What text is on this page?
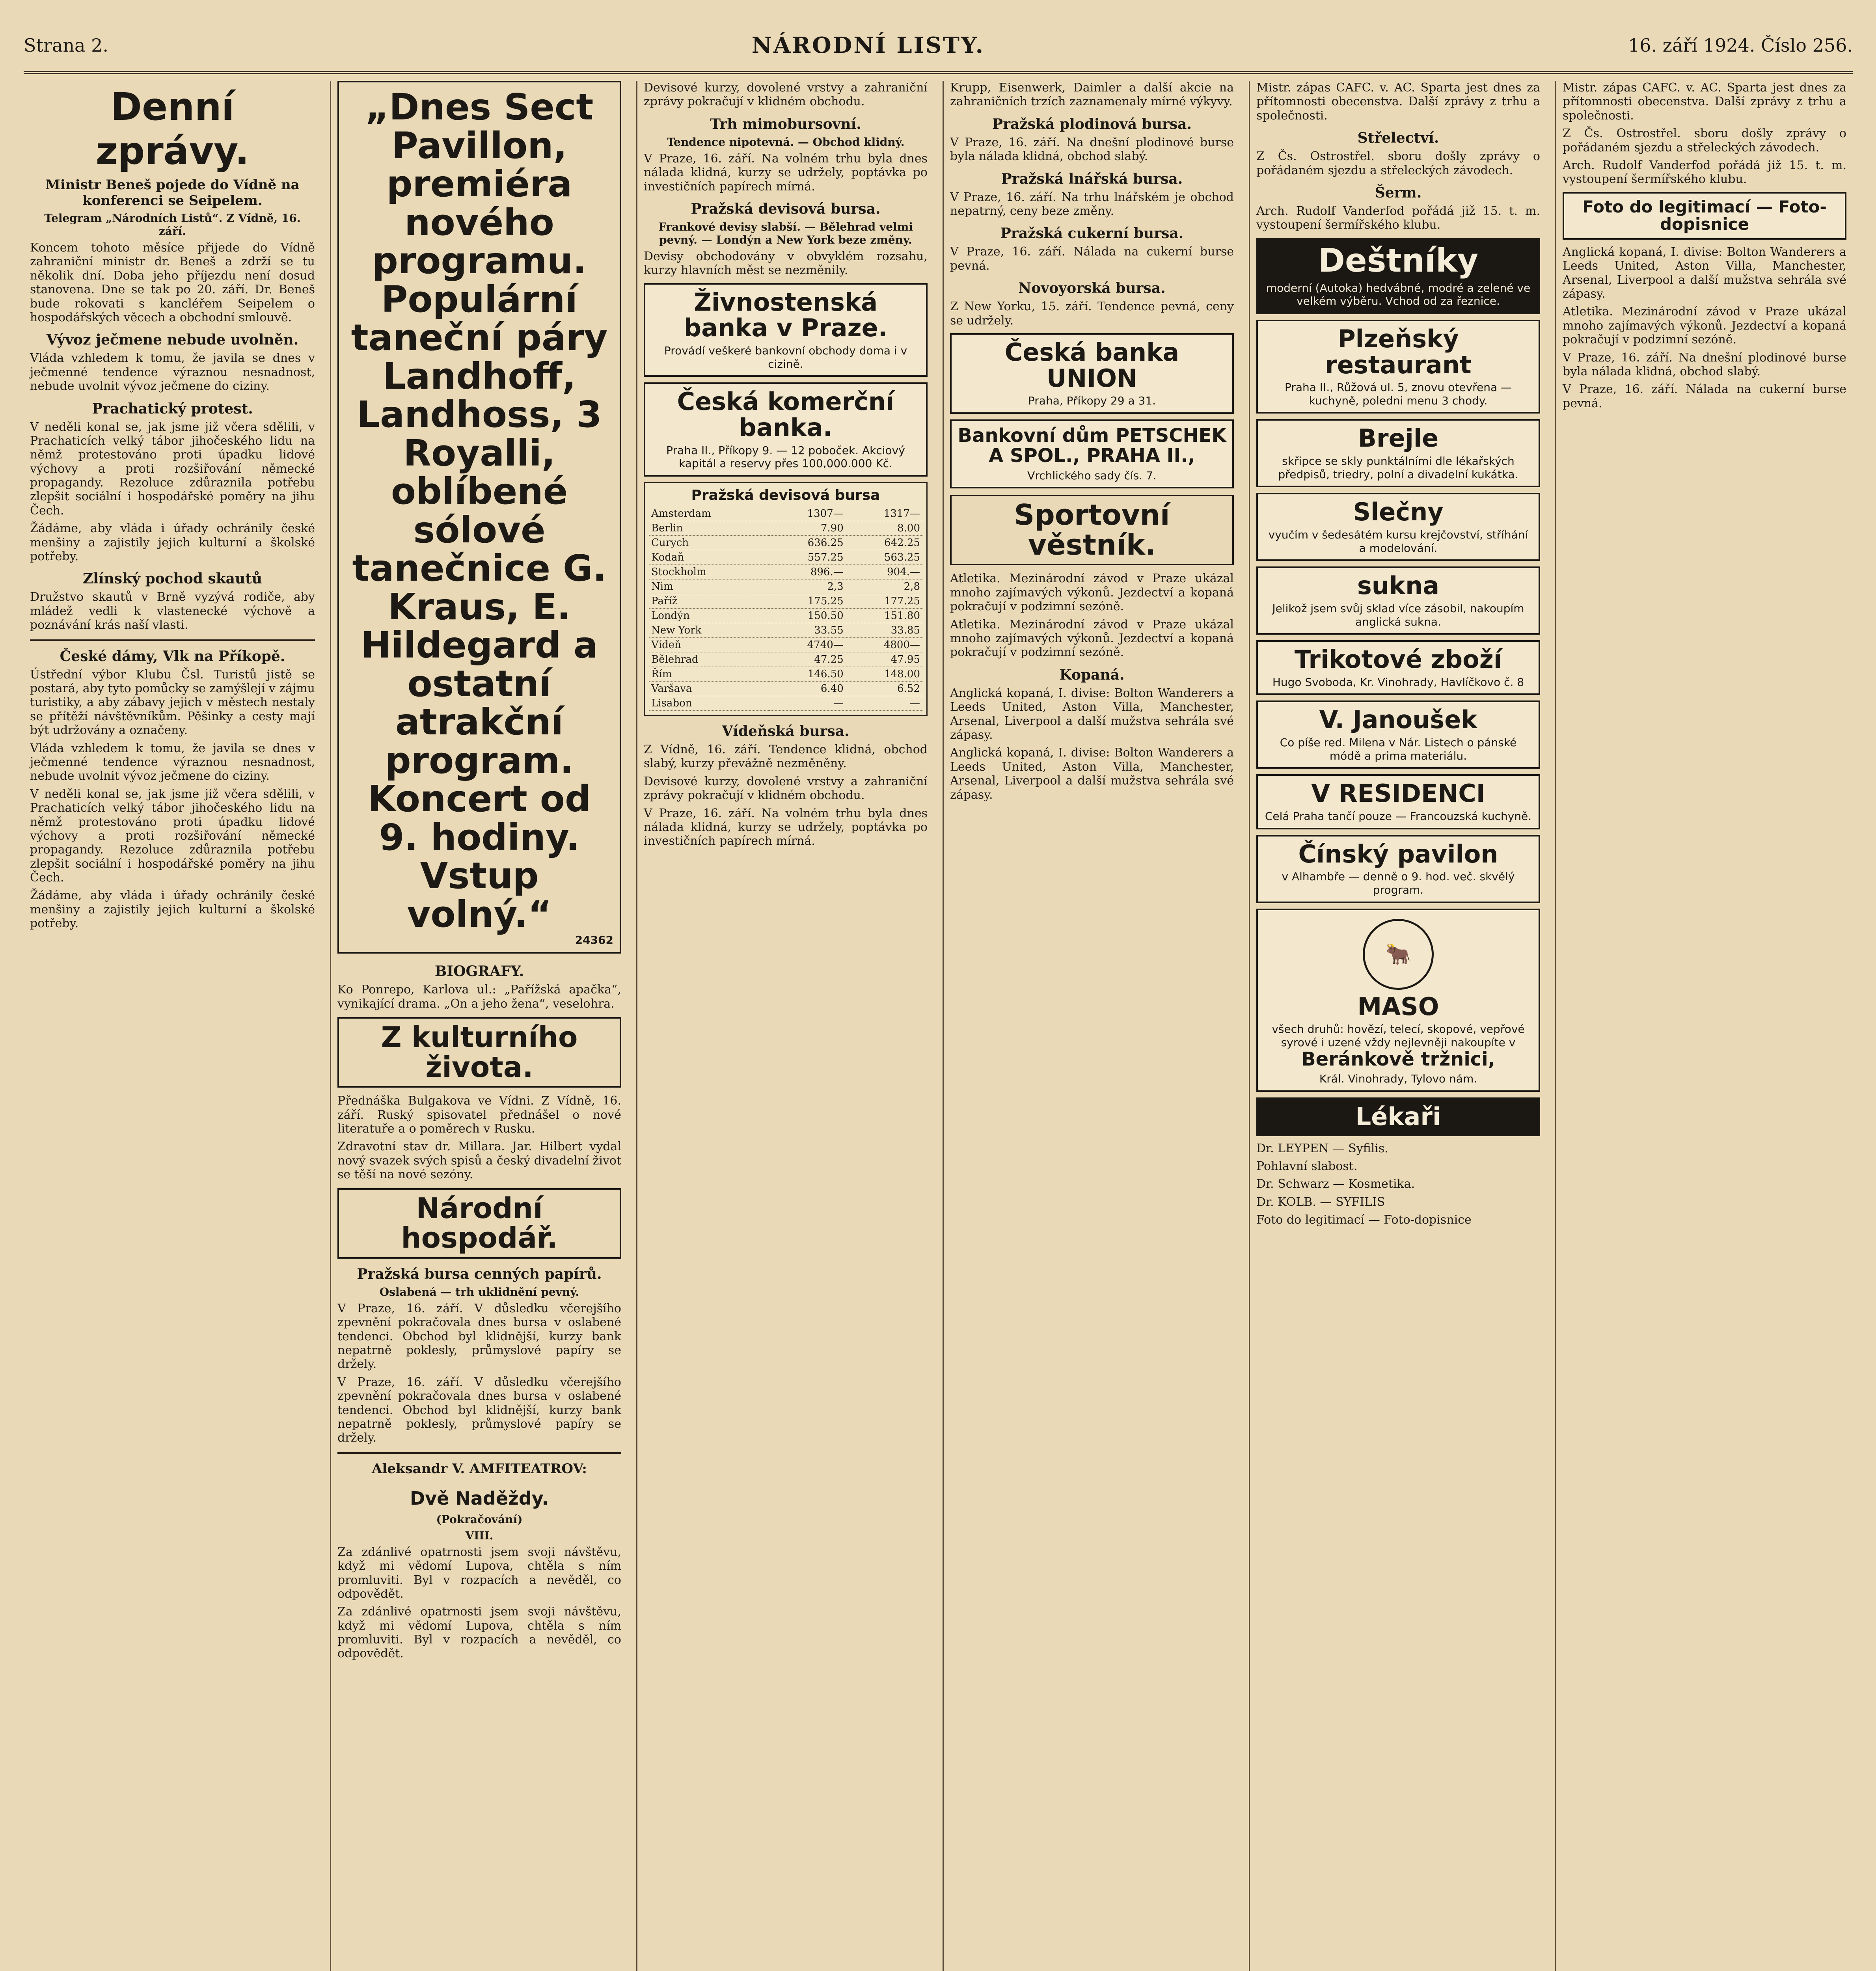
Strana 2.	NÁRODNÍ LISTY.	16. září 1924. Číslo 256.
Denní zprávy.
Ministr Beneš pojede do Vídně na konferenci se Seipelem.
Telegram „Národních Listů“. Z Vídně, 16. září.

Koncem tohoto měsíce přijede do Vídně zahraniční ministr dr. Beneš a zdrží se tu několik dní. Doba jeho příjezdu není dosud stanovena. Dne se tak po 20. září. Dr. Beneš bude rokovati s kancléřem Seipelem o hospodářských věcech a obchodní smlouvě.

Vývoz ječmene nebude uvolněn.

Vláda vzhledem k tomu, že javila se dnes v ječmenné tendence výraznou nesnadnost, nebude uvolnit vývoz ječmene do ciziny.

Prachatický protest.

V neděli konal se, jak jsme již včera sdělili, v Prachaticích velký tábor jihočeského lidu na němž protestováno proti úpadku lidové výchovy a proti rozšiřování německé propagandy. Rezoluce zdůraznila potřebu zlepšit sociální i hospodářské poměry na jihu Čech.

Žádáme, aby vláda i úřady ochránily české menšiny a zajistily jejich kulturní a školské potřeby.

Zlínský pochod skautů

Družstvo skautů v Brně vyzývá rodiče, aby mládež vedli k vlastenecké výchově a poznávání krás naší vlasti.

České dámy, Vlk na Příkopě.

Ústřední výbor Klubu Čsl. Turistů jistě se postará, aby tyto pomůcky se zamýšlejí v zájmu turistiky, a aby zábavy jejich v městech nestaly se přítěží návštěvníkům. Pěšinky a cesty mají být udržovány a označeny.

Vláda vzhledem k tomu, že javila se dnes v ječmenné tendence výraznou nesnadnost, nebude uvolnit vývoz ječmene do ciziny.

V neděli konal se, jak jsme již včera sdělili, v Prachaticích velký tábor jihočeského lidu na němž protestováno proti úpadku lidové výchovy a proti rozšiřování německé propagandy. Rezoluce zdůraznila potřebu zlepšit sociální i hospodářské poměry na jihu Čech.

Žádáme, aby vláda i úřady ochránily české menšiny a zajistily jejich kulturní a školské potřeby.

„Dnes Sect Pavillon, premiéra nového programu. Populární taneční páry Landhoff, Landhoss, 3 Royalli, oblíbené sólové tanečnice G. Kraus, E. Hildegard a ostatní atrakční program. Koncert od 9. hodiny. Vstup volný.“
24362
BIOGRAFY.

Ko Ponrepo, Karlova ul.: „Pařížská apačka“, vynikající drama. „On a jeho žena“, veselohra.

Z kulturního života.

Přednáška Bulgakova ve Vídni. Z Vídně, 16. září. Ruský spisovatel přednášel o nové literatuře a o poměrech v Rusku.

Zdravotní stav dr. Millara. Jar. Hilbert vydal nový svazek svých spisů a český divadelní život se těší na nové sezóny.

Národní hospodář.
Pražská bursa cenných papírů.
Oslabená — trh uklidnění pevný.

V Praze, 16. září. V důsledku včerejšího zpevnění pokračovala dnes bursa v oslabené tendenci. Obchod byl klidnější, kurzy bank nepatrně poklesly, průmyslové papíry se držely.

V Praze, 16. září. V důsledku včerejšího zpevnění pokračovala dnes bursa v oslabené tendenci. Obchod byl klidnější, kurzy bank nepatrně poklesly, průmyslové papíry se držely.

Aleksandr V. AMFITEATROV:
Dvě Naděždy.
(Pokračování)
VIII.

Za zdánlivé opatrnosti jsem svoji návštěvu, když mi vědomí Lupova, chtěla s ním promluviti. Byl v rozpacích a nevěděl, co odpovědět.

Za zdánlivé opatrnosti jsem svoji návštěvu, když mi vědomí Lupova, chtěla s ním promluviti. Byl v rozpacích a nevěděl, co odpovědět.

Devisové kurzy, dovolené vrstvy a zahraniční zprávy pokračují v klidném obchodu.

Trh mimobursovní.
Tendence nipotevná. — Obchod klidný.

V Praze, 16. září. Na volném trhu byla dnes nálada klidná, kurzy se udržely, poptávka po investičních papírech mírná.

Pražská devisová bursa.
Frankové devisy slabší. — Bělehrad velmi pevný. — Londýn a New York beze změny.

Devisy obchodovány v obvyklém rozsahu, kurzy hlavních měst se nezměnily.

Živnostenská banka v Praze.
Provádí veškeré bankovní obchody doma i v cizině.
Česká komerční banka.
Praha II., Příkopy 9. — 12 poboček. Akciový kapitál a reservy přes 100,000.000 Kč.
Pražská devisová bursa
Amsterdam	1307—	1317—
Berlin	7.90	8.00
Curych	636.25	642.25
Kodaň	557.25	563.25
Stockholm	896.—	904.—
Nim	2,3	2,8
Paříž	175.25	177.25
Londýn	150.50	151.80
New York	33.55	33.85
Vídeň	4740—	4800—
Bělehrad	47.25	47.95
Řím	146.50	148.00
Varšava	6.40	6.52
Lisabon	—	—
Vídeňská bursa.

Z Vídně, 16. září. Tendence klidná, obchod slabý, kurzy převážně nezměněny.

Devisové kurzy, dovolené vrstvy a zahraniční zprávy pokračují v klidném obchodu.

V Praze, 16. září. Na volném trhu byla dnes nálada klidná, kurzy se udržely, poptávka po investičních papírech mírná.

Krupp, Eisenwerk, Daimler a další akcie na zahraničních trzích zaznamenaly mírné výkyvy.

Pražská plodinová bursa.

V Praze, 16. září. Na dnešní plodinové burse byla nálada klidná, obchod slabý.

Pražská lnářská bursa.

V Praze, 16. září. Na trhu lnářském je obchod nepatrný, ceny beze změny.

Pražská cukerní bursa.

V Praze, 16. září. Nálada na cukerní burse pevná.

Novoyorská bursa.

Z New Yorku, 15. září. Tendence pevná, ceny se udržely.

Česká banka UNION
Praha, Příkopy 29 a 31.
Bankovní dům PETSCHEK A SPOL., PRAHA II.,
Vrchlického sady čís. 7.
Sportovní věstník.

Atletika. Mezinárodní závod v Praze ukázal mnoho zajímavých výkonů. Jezdectví a kopaná pokračují v podzimní sezóně.

Atletika. Mezinárodní závod v Praze ukázal mnoho zajímavých výkonů. Jezdectví a kopaná pokračují v podzimní sezóně.

Kopaná.

Anglická kopaná, I. divise: Bolton Wanderers a Leeds United, Aston Villa, Manchester, Arsenal, Liverpool a další mužstva sehrála své zápasy.

Anglická kopaná, I. divise: Bolton Wanderers a Leeds United, Aston Villa, Manchester, Arsenal, Liverpool a další mužstva sehrála své zápasy.

Mistr. zápas CAFC. v. AC. Sparta jest dnes za přítomnosti obecenstva. Další zprávy z trhu a společnosti.

Střelectví.

Z Čs. Ostrostřel. sboru došly zprávy o pořádaném sjezdu a střeleckých závodech.

Šerm.

Arch. Rudolf Vanderfod pořádá již 15. t. m. vystoupení šermířského klubu.

Deštníky
moderní (Autoka) hedvábné, modré a zelené ve velkém výběru. Vchod od za řeznice.
Plzeňský restaurant
Praha II., Růžová ul. 5, znovu otevřena — kuchyně, poledni menu 3 chody.
Brejle
skřipce se skly punktálními dle lékařských předpisů, triedry, polní a divadelní kukátka.
Slečny
vyučím v šedesátém kursu krejčovství, stříhání a modelování.
sukna
Jelikož jsem svůj sklad více zásobil, nakoupím anglická sukna.
Trikotové zboží
Hugo Svoboda, Kr. Vinohrady, Havlíčkovo č. 8
V. Janoušek
Co píše red. Milena v Nár. Listech o pánské módě a prima materiálu.
V RESIDENCI
Celá Praha tančí pouze — Francouzská kuchyně.
Čínský pavilon
v Alhambře — denně o 9. hod. več. skvělý program.
🐂
MASO
všech druhů: hovězí, telecí, skopové, vepřové syrové i uzené vždy nejlevněji nakoupíte v
Beránkově tržnici,
Král. Vinohrady, Tylovo nám.
Lékaři

Dr. LEYPEN — Syfilis.

Pohlavní slabost.

Dr. Schwarz — Kosmetika.

Dr. KOLB. — SYFILIS

Foto do legitimací — Foto-dopisnice

Mistr. zápas CAFC. v. AC. Sparta jest dnes za přítomnosti obecenstva. Další zprávy z trhu a společnosti.

Z Čs. Ostrostřel. sboru došly zprávy o pořádaném sjezdu a střeleckých závodech.

Arch. Rudolf Vanderfod pořádá již 15. t. m. vystoupení šermířského klubu.

Foto do legitimací — Foto-dopisnice

Anglická kopaná, I. divise: Bolton Wanderers a Leeds United, Aston Villa, Manchester, Arsenal, Liverpool a další mužstva sehrála své zápasy.

Atletika. Mezinárodní závod v Praze ukázal mnoho zajímavých výkonů. Jezdectví a kopaná pokračují v podzimní sezóně.

V Praze, 16. září. Na dnešní plodinové burse byla nálada klidná, obchod slabý.

V Praze, 16. září. Nálada na cukerní burse pevná.
